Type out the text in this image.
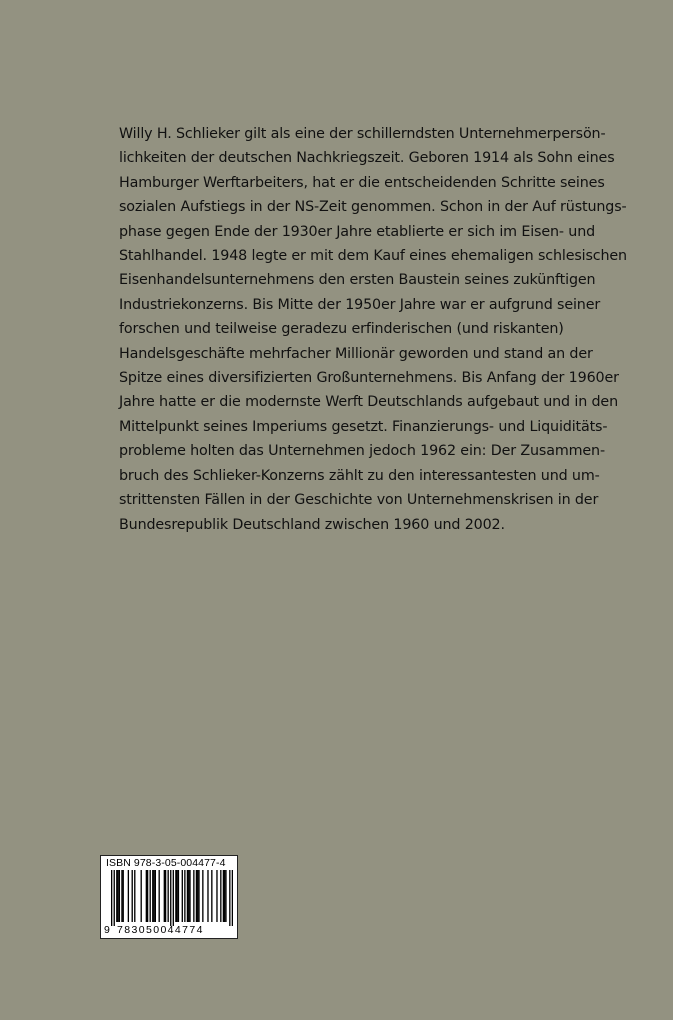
Willy H. Schlieker gilt als eine der schillerndsten Unternehmerpersön-
lichkeiten der deutschen Nachkriegszeit. Geboren 1914 als Sohn eines
Hamburger Werftarbeiters, hat er die entscheidenden Schritte seines
sozialen Aufstiegs in der NS-Zeit genommen. Schon in der Auf rüstungs-
phase gegen Ende der 1930er Jahre etablierte er sich im Eisen- und
Stahlhandel. 1948 legte er mit dem Kauf eines ehemaligen schlesischen
Eisenhandelsunternehmens den ersten Baustein seines zukünftigen
Industriekonzerns. Bis Mitte der 1950er Jahre war er aufgrund seiner
forschen und teilweise geradezu erfinderischen (und riskanten)
Handelsgeschäfte mehrfacher Millionär geworden und stand an der
Spitze eines diversifizierten Großunternehmens. Bis Anfang der 1960er
Jahre hatte er die modernste Werft Deutschlands aufgebaut und in den
Mittelpunkt seines Imperiums gesetzt. Finanzierungs- und Liquiditäts-
probleme holten das Unternehmen jedoch 1962 ein: Der Zusammen-
bruch des Schlieker-Konzerns zählt zu den interessantesten und um-
strittensten Fällen in der Geschichte von Unternehmenskrisen in der
Bundesrepublik Deutschland zwischen 1960 und 2002.
ISBN 978-3-05-004477-4
9 783050044774
